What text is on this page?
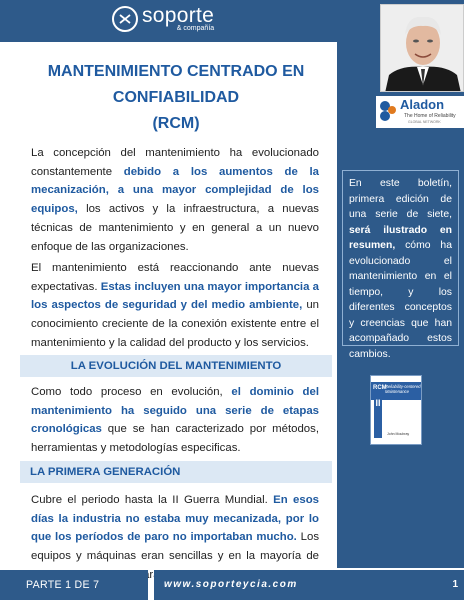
soporte
& compañía
Aladon
The Home of Reliability
GLOBAL NETWORK
MANTENIMIENTO CENTRADO EN
CONFIABILIDAD
(RCM)
La concepción del mantenimiento ha evolucionado constantemente debido a los aumentos de la mecanización, a una mayor complejidad de los equipos, los activos y la infraestructura, a nuevas técnicas de mantenimiento y en general a un nuevo enfoque de las organizaciones.
El mantenimiento está reaccionando ante nuevas expectativas. Estas incluyen una mayor importancia a los aspectos de seguridad y del medio ambiente, un conocimiento creciente de la conexión existente entre el mantenimiento y la calidad del producto y los servicios.
LA EVOLUCIÓN DEL MANTENIMIENTO
Como todo proceso en evolución, el dominio del mantenimiento ha seguido una serie de etapas cronológicas que se han caracterizado por métodos, herramientas y metodologías especificas.
LA PRIMERA GENERACIÓN
Cubre el periodo hasta la II Guerra Mundial. En esos días la industria no estaba muy mecanizada, por lo que los períodos de paro no importaban mucho. Los equipos y máquinas eran sencillas y en la mayoría de para
En este boletín, primera edición de una serie de siete, será ilustrado en resumen, cómo ha evolucionado el mantenimiento en el tiempo, y los diferentes conceptos y creencias que han acompañado estos cambios.
RCM
Reliability-centered Maintenance
II
John Moubray
PARTE 1 DE 7	www.soporteycia.com	1
